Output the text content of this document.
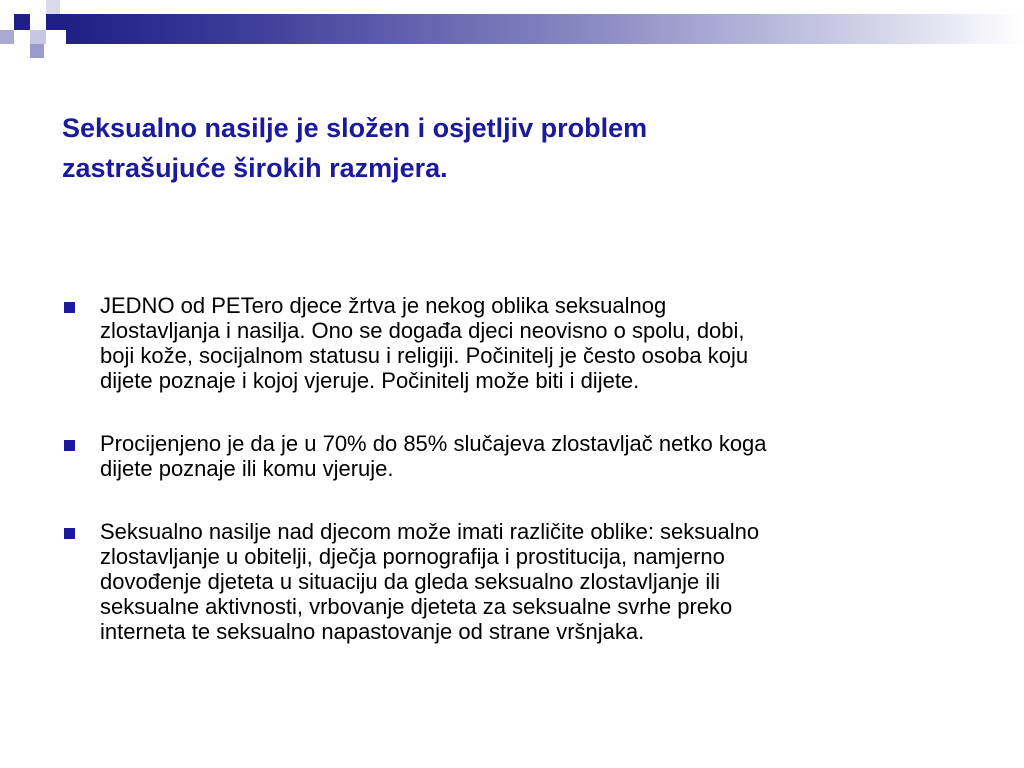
Seksualno nasilje je složen i osjetljiv problem
zastrašujuće širokih razmjera.
JEDNO od PETero djece žrtva je nekog oblika seksualnog
zlostavljanja i nasilja. Ono se događa djeci neovisno o spolu, dobi,
boji kože, socijalnom statusu i religiji. Počinitelj je često osoba koju
dijete poznaje i kojoj vjeruje. Počinitelj može biti i dijete.
Procijenjeno je da je u 70% do 85% slučajeva zlostavljač netko koga
dijete poznaje ili komu vjeruje.
Seksualno nasilje nad djecom može imati različite oblike: seksualno
zlostavljanje u obitelji, dječja pornografija i prostitucija, namjerno
dovođenje djeteta u situaciju da gleda seksualno zlostavljanje ili
seksualne aktivnosti, vrbovanje djeteta za seksualne svrhe preko
interneta te seksualno napastovanje od strane vršnjaka.
